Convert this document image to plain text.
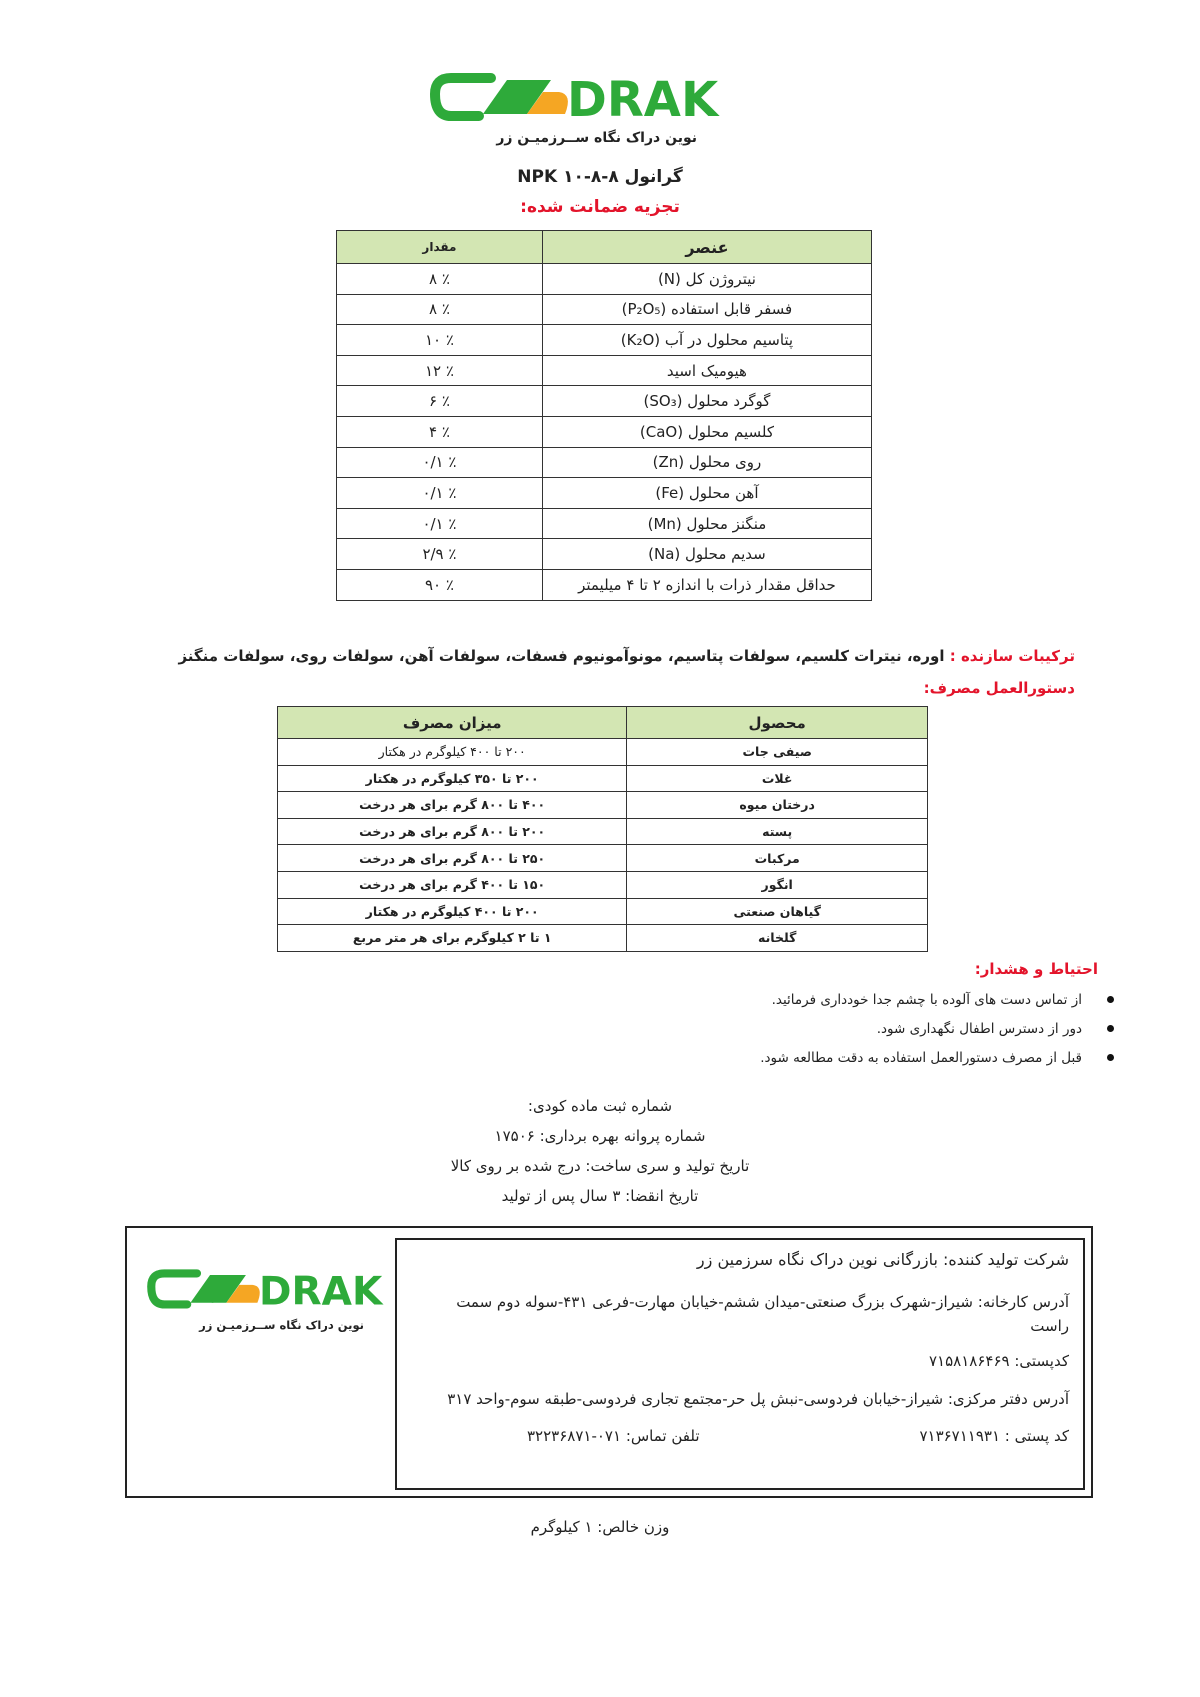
DRAK
نوین دراک نگاه ســرزمیـن زر
گرانول NPK ۱۰-۸-۸
تجزیه ضمانت شده:
عنصر	مقدار
نیتروژن کل (N)	٪ ۸
فسفر قابل استفاده (P₂O₅)	٪ ۸
پتاسیم محلول در آب (K₂O)	٪ ۱۰
هیومیک اسید	٪ ۱۲
گوگرد محلول (SO₃)	٪ ۶
کلسیم محلول (CaO)	٪ ۴
روی محلول (Zn)	٪ ۰/۱
آهن محلول (Fe)	٪ ۰/۱
منگنز محلول (Mn)	٪ ۰/۱
سدیم محلول (Na)	٪ ۲/۹
حداقل مقدار ذرات با اندازه ۲ تا ۴ میلیمتر	٪ ۹۰
ترکیبات سازنده : اوره، نیترات کلسیم، سولفات پتاسیم، مونوآمونیوم فسفات، سولفات آهن، سولفات روی، سولفات منگنز
دستورالعمل مصرف:
محصول	میزان مصرف
صیفی جات	۲۰۰ تا ۴۰۰ کیلوگرم در هکتار
غلات	۲۰۰ تا ۳۵۰ کیلوگرم در هکتار
درختان میوه	۴۰۰ تا ۸۰۰ گرم برای هر درخت
پسته	۲۰۰ تا ۸۰۰ گرم برای هر درخت
مرکبات	۲۵۰ تا ۸۰۰ گرم برای هر درخت
انگور	۱۵۰ تا ۴۰۰ گرم برای هر درخت
گیاهان صنعتی	۲۰۰ تا ۴۰۰ کیلوگرم در هکتار
گلخانه	۱ تا ۲ کیلوگرم برای هر متر مربع
احتیاط و هشدار:
از تماس دست های آلوده با چشم جدا خودداری فرمائید.
دور از دسترس اطفال نگهداری شود.
قبل از مصرف دستورالعمل استفاده به دقت مطالعه شود.
شماره ثبت ماده کودی:
شماره پروانه بهره برداری: ۱۷۵۰۶
تاریخ تولید و سری ساخت: درج شده بر روی کالا
تاریخ انقضا: ۳ سال پس از تولید
DRAK
نوین دراک نگاه ســرزمیـن زر
شرکت تولید کننده: بازرگانی نوین دراک نگاه سرزمین زر
آدرس کارخانه: شیراز-شهرک بزرگ صنعتی-میدان ششم-خیابان مهارت-فرعی ۴۳۱-سوله دوم سمت راست
کدپستی: ۷۱۵۸۱۸۶۴۶۹
آدرس دفتر مرکزی: شیراز-خیابان فردوسی-نبش پل حر-مجتمع تجاری فردوسی-طبقه سوم-واحد ۳۱۷
کد پستی : ۷۱۳۶۷۱۱۹۳۱
تلفن تماس: ۰۷۱-۳۲۲۳۶۸۷۱
وزن خالص: ۱ کیلوگرم
